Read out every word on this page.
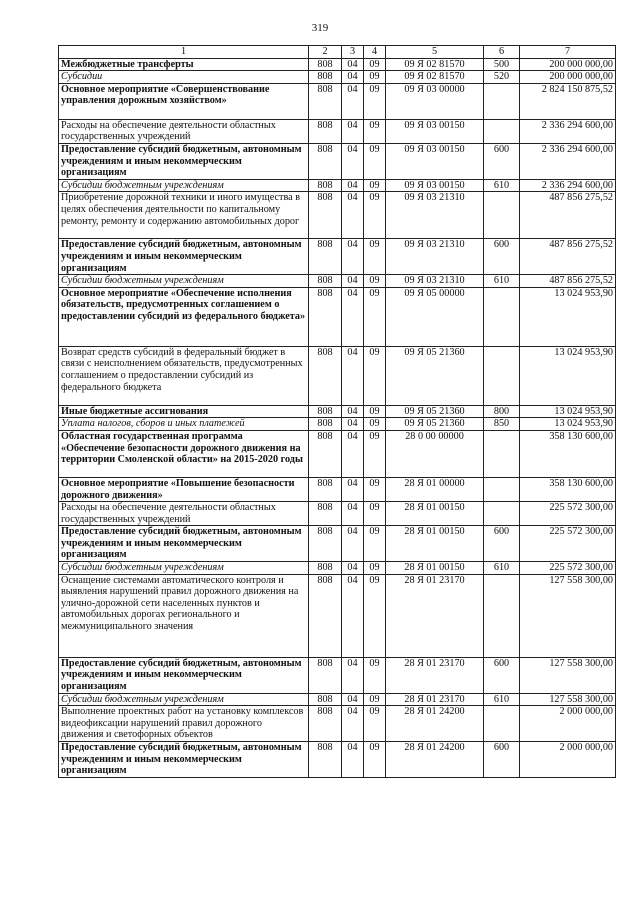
319
1	2	3	4	5	6	7
Межбюджетные трансферты	808	04	09	09 Я 02 81570	500	200 000 000,00
Субсидии	808	04	09	09 Я 02 81570	520	200 000 000,00
Основное мероприятие «Совершенствование управления дорожным хозяйством»	808	04	09	09 Я 03 00000		2 824 150 875,52
Расходы на обеспечение деятельности областных государственных учреждений	808	04	09	09 Я 03 00150		2 336 294 600,00
Предоставление субсидий бюджетным, автономным учреждениям и иным некоммерческим организациям	808	04	09	09 Я 03 00150	600	2 336 294 600,00
Субсидии бюджетным учреждениям	808	04	09	09 Я 03 00150	610	2 336 294 600,00
Приобретение дорожной техники и иного имущества в целях обеспечения деятельности по капитальному ремонту, ремонту и содержанию автомобильных дорог	808	04	09	09 Я 03 21310		487 856 275,52
Предоставление субсидий бюджетным, автономным учреждениям и иным некоммерческим организациям	808	04	09	09 Я 03 21310	600	487 856 275,52
Субсидии бюджетным учреждениям	808	04	09	09 Я 03 21310	610	487 856 275,52
Основное мероприятие «Обеспечение исполнения обязательств, предусмотренных соглашением о предоставлении субсидий из федерального бюджета»	808	04	09	09 Я 05 00000		13 024 953,90
Возврат средств субсидий в федеральный бюджет в связи с неисполнением обязательств, предусмотренных соглашением о предоставлении субсидий из федерального бюджета	808	04	09	09 Я 05 21360		13 024 953,90
Иные бюджетные ассигнования	808	04	09	09 Я 05 21360	800	13 024 953,90
Уплата налогов, сборов и иных платежей	808	04	09	09 Я 05 21360	850	13 024 953,90
Областная государственная программа «Обеспечение безопасности дорожного движения на территории Смоленской области» на 2015-2020 годы	808	04	09	28 0 00 00000		358 130 600,00
Основное мероприятие «Повышение безопасности дорожного движения»	808	04	09	28 Я 01 00000		358 130 600,00
Расходы на обеспечение деятельности областных государственных учреждений	808	04	09	28 Я 01 00150		225 572 300,00
Предоставление субсидий бюджетным, автономным учреждениям и иным некоммерческим организациям	808	04	09	28 Я 01 00150	600	225 572 300,00
Субсидии бюджетным учреждениям	808	04	09	28 Я 01 00150	610	225 572 300,00
Оснащение системами автоматического контроля и выявления нарушений правил дорожного движения на улично-дорожной сети населенных пунктов и автомобильных дорогах регионального и межмуниципального значения	808	04	09	28 Я 01 23170		127 558 300,00
Предоставление субсидий бюджетным, автономным учреждениям и иным некоммерческим организациям	808	04	09	28 Я 01 23170	600	127 558 300,00
Субсидии бюджетным учреждениям	808	04	09	28 Я 01 23170	610	127 558 300,00
Выполнение проектных работ на установку комплексов видеофиксации нарушений правил дорожного движения и светофорных объектов	808	04	09	28 Я 01 24200		2 000 000,00
Предоставление субсидий бюджетным, автономным учреждениям и иным некоммерческим организациям	808	04	09	28 Я 01 24200	600	2 000 000,00
